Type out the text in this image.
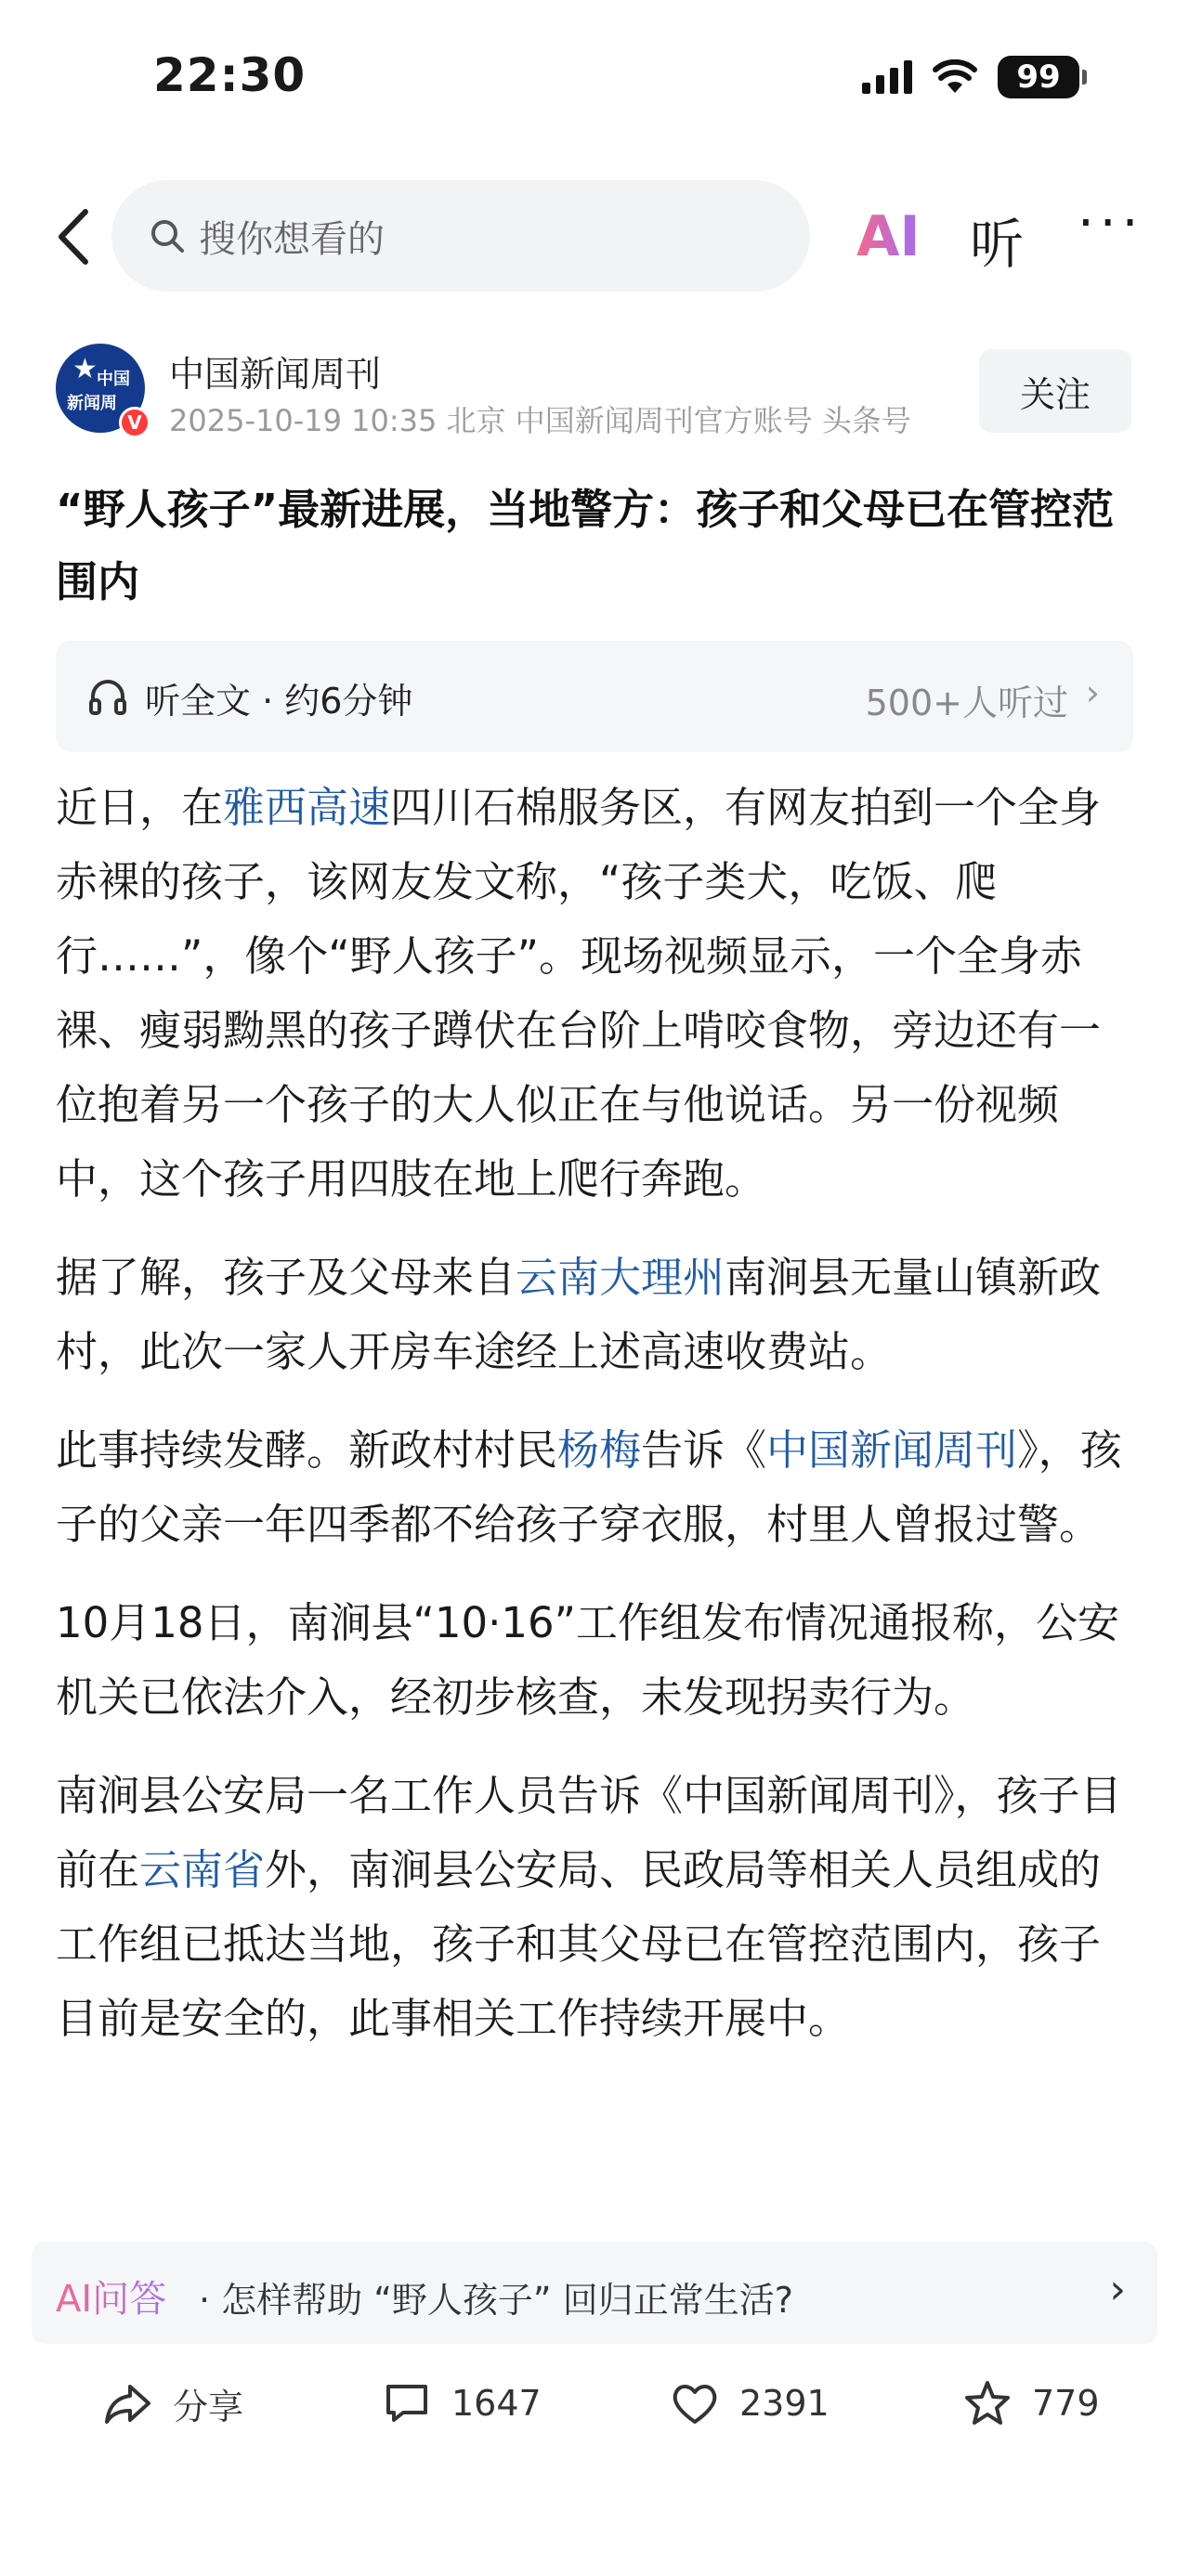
22:30	99
搜你想看的	AI 听 ···
★ 中国
新闻周
V
中国新闻周刊
2025-10-19 10:35 北京 中国新闻周刊官方账号 头条号
关注
“野人孩子”最新进展，当地警方：孩子和父母已在管控范围内
听全文 · 约6分钟	500+人听过 ›

近日，在雅西高速四川石棉服务区，有网友拍到一个全身赤裸的孩子，该网友发文称，“孩子类犬，吃饭、爬行……”，像个“野人孩子”。现场视频显示，一个全身赤裸、瘦弱黝黑的孩子蹲伏在台阶上啃咬食物，旁边还有一位抱着另一个孩子的大人似正在与他说话。另一份视频中，这个孩子用四肢在地上爬行奔跑。

据了解，孩子及父母来自云南大理州南涧县无量山镇新政村，此次一家人开房车途经上述高速收费站。

此事持续发酵。新政村村民杨梅告诉《中国新闻周刊》，孩子的父亲一年四季都不给孩子穿衣服，村里人曾报过警。

10月18日，南涧县“10·16”工作组发布情况通报称，公安机关已依法介入，经初步核查，未发现拐卖行为。

南涧县公安局一名工作人员告诉《中国新闻周刊》，孩子目前在云南省外，南涧县公安局、民政局等相关人员组成的工作组已抵达当地，孩子和其父母已在管控范围内，孩子目前是安全的，此事相关工作持续开展中。

AI问答 · 怎样帮助 “野人孩子” 回归正常生活?	›
分享	1647	2391	779
